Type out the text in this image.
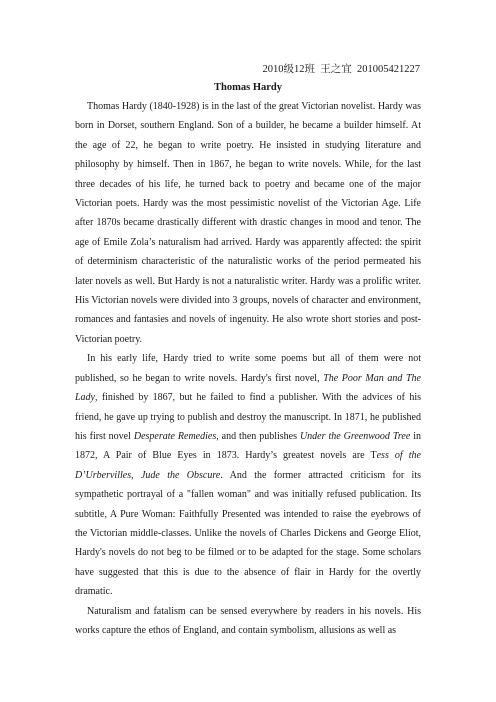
2010级12班 王之宜 201005421227
Thomas Hardy

Thomas Hardy (1840-1928) is in the last of the great Victorian novelist. Hardy was born in Dorset, southern England. Son of a builder, he became a builder himself. At the age of 22, he began to write poetry. He insisted in studying literature and philosophy by himself. Then in 1867, he began to write novels. While, for the last three decades of his life, he turned back to poetry and became one of the major Victorian poets. Hardy was the most pessimistic novelist of the Victorian Age. Life after 1870s became drastically different with drastic changes in mood and tenor. The age of Emile Zola’s naturalism had arrived. Hardy was apparently affected: the spirit of determinism characteristic of the naturalistic works of the period permeated his later novels as well. But Hardy is not a naturalistic writer. Hardy was a prolific writer. His Victorian novels were divided into 3 groups, novels of character and environment, romances and fantasies and novels of ingenuity. He also wrote short stories and post-Victorian poetry.

In his early life, Hardy tried to write some poems but all of them were not published, so he began to write novels. Hardy's first novel, The Poor Man and The Lady, finished by 1867, but he failed to find a publisher. With the advices of his friend, he gave up trying to publish and destroy the manuscript. In 1871, he published his first novel Desperate Remedies, and then publishes Under the Greenwood Tree in 1872, A Pair of Blue Eyes in 1873. Hardy’s greatest novels are Tess of the D’Urbervilles, Jude the Obscure. And the former attracted criticism for its sympathetic portrayal of a "fallen woman" and was initially refused publication. Its subtitle, A Pure Woman: Faithfully Presented was intended to raise the eyebrows of the Victorian middle-classes. Unlike the novels of Charles Dickens and George Eliot, Hardy's novels do not beg to be filmed or to be adapted for the stage. Some scholars have suggested that this is due to the absence of flair in Hardy for the overtly dramatic.

Naturalism and fatalism can be sensed everywhere by readers in his novels. His works capture the ethos of England, and contain symbolism, allusions as well as
